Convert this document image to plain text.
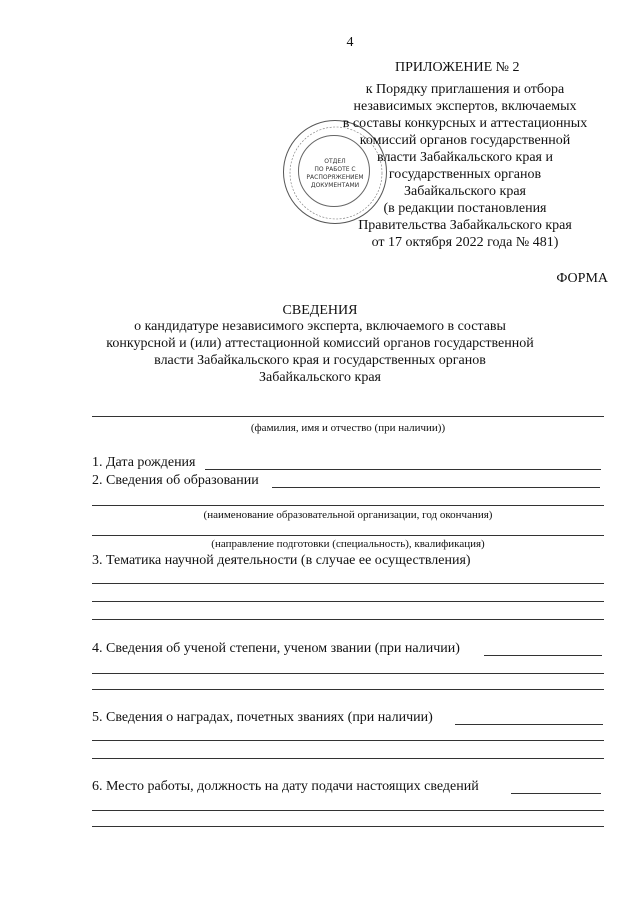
4
ОТДЕЛ
ПО РАБОТЕ С
РАСПОРЯЖЕНИЕМ
ДОКУМЕНТАМИ
ПРИЛОЖЕНИЕ № 2
к Порядку приглашения и отбора
независимых экспертов, включаемых
в составы конкурсных и аттестационных
комиссий органов государственной
власти Забайкальского края и
государственных органов
Забайкальского края
(в редакции постановления
Правительства Забайкальского края
от 17 октября 2022 года № 481)
ФОРМА
СВЕДЕНИЯ
о кандидатуре независимого эксперта, включаемого в составы
конкурсной и (или) аттестационной комиссий органов государственной
власти Забайкальского края и государственных органов
Забайкальского края
(фамилия, имя и отчество (при наличии))
1. Дата рождения
2. Сведения об образовании
(наименование образовательной организации, год окончания)
(направление подготовки (специальность), квалификация)
3. Тематика научной деятельности (в случае ее осуществления)
4. Сведения об ученой степени, ученом звании (при наличии)
5. Сведения о наградах, почетных званиях (при наличии)
6. Место работы, должность на дату подачи настоящих сведений
